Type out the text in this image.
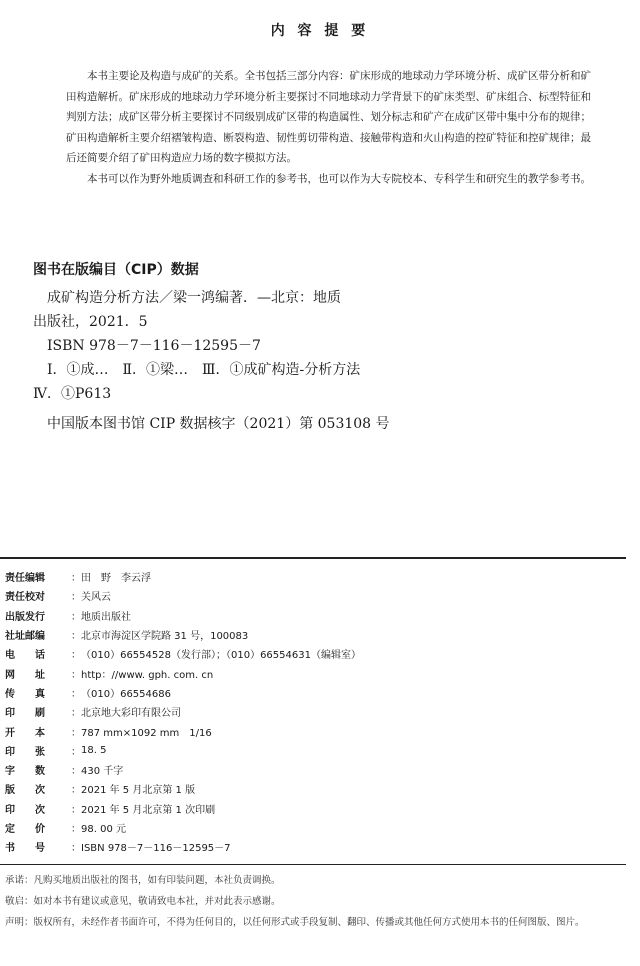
内 容 提 要

本书主要论及构造与成矿的关系。全书包括三部分内容：矿床形成的地球动力学环境分析、成矿区带分析和矿田构造解析。矿床形成的地球动力学环境分析主要探讨不同地球动力学背景下的矿床类型、矿床组合、标型特征和判别方法；成矿区带分析主要探讨不同级别成矿区带的构造属性、划分标志和矿产在成矿区带中集中分布的规律；矿田构造解析主要介绍褶皱构造、断裂构造、韧性剪切带构造、接触带构造和火山构造的控矿特征和控矿规律；最后还简要介绍了矿田构造应力场的数字模拟方法。

本书可以作为野外地质调查和科研工作的参考书，也可以作为大专院校本、专科学生和研究生的教学参考书。

图书在版编目（CIP）数据
成矿构造分析方法／梁一鸿编著．—北京：地质
出版社，2021．5
ISBN 978－7－116－12595－7
Ⅰ．①成…　Ⅱ．①梁…　Ⅲ．①成矿构造-分析方法
Ⅳ．①P613
中国版本图书馆 CIP 数据核字（2021）第 053108 号
责任编辑	： 田　野　李云浮
责任校对	： 关风云
出版发行	： 地质出版社
社址邮编	： 北京市海淀区学院路 31 号，100083
电　　话	： （010）66554528（发行部）；（010）66554631（编辑室）
网　　址	： http：//www. gph. com. cn
传　　真	： （010）66554686
印　　刷	： 北京地大彩印有限公司
开　　本	： 787 mm×1092 mm　1/16
印　　张	： 18. 5
字　　数	： 430 千字
版　　次	： 2021 年 5 月北京第 1 版
印　　次	： 2021 年 5 月北京第 1 次印刷
定　　价	： 98. 00 元
书　　号	： ISBN 978－7－116－12595－7
承诺：凡购买地质出版社的图书，如有印装问题，本社负责调换。
敬启：如对本书有建议或意见，敬请致电本社，并对此表示感谢。
声明：版权所有，未经作者书面许可，不得为任何目的，以任何形式或手段复制、翻印、传播或其他任何方式使用本书的任何图版、图片。
